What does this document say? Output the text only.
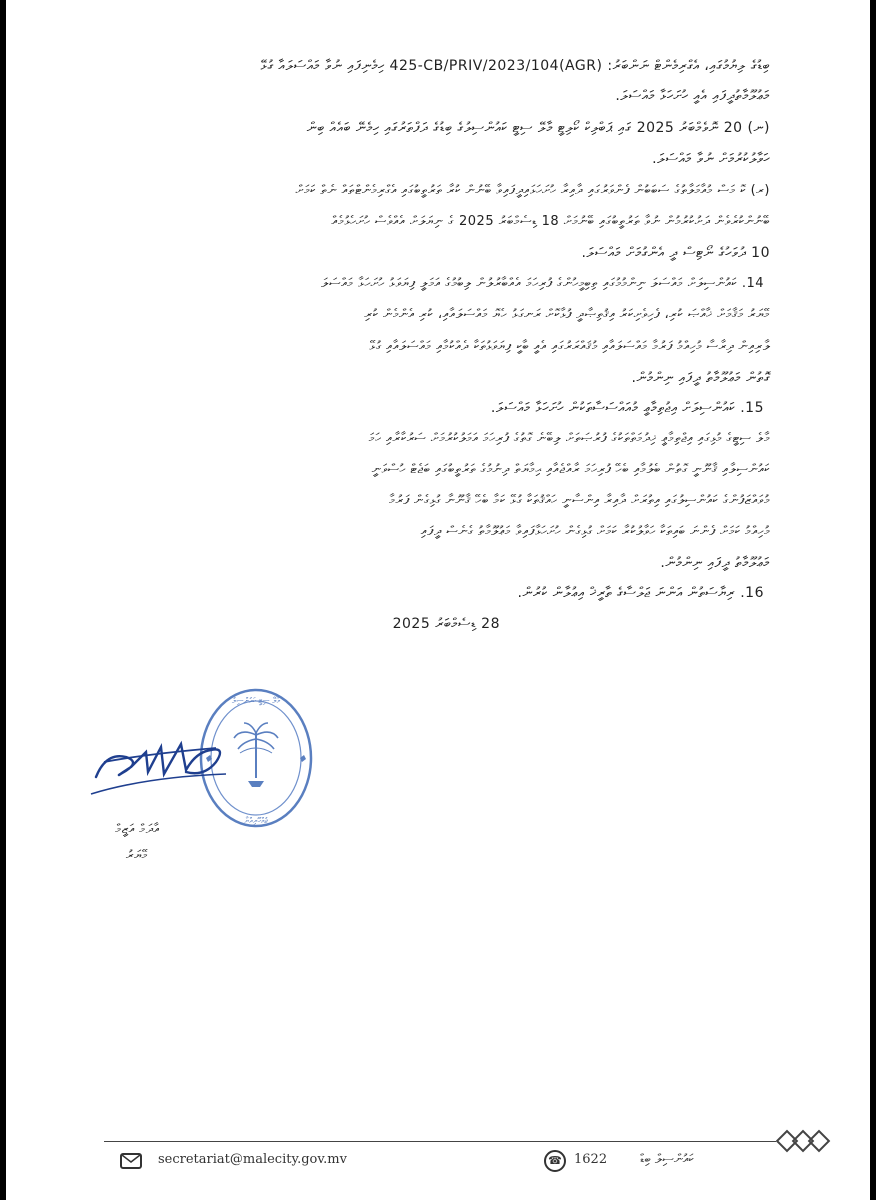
ބިޑުގެ ލިޔުމުގައި، އެގްރިމެންޓް ނަންބަރު: (AGR)425-CB/PRIV/2023/104 ހިމެނިފައި ނުވާ މައްސަލައާ ގުޅޭ
މަޢުލޫމާތުދީފައި އެއީ ހުށަހަޅާ މައްސަލަ.
(ނ) 20 ނޮވެމްބަރު 2025 ގައި ޕަބްލިކް ކޯލިޓީ މާލޭ ސިޓީ ކައުންސިލުގެ ބިޑުގެ ދަފްތަރުގައި ހިމެނޭ ބައެއް ބިން
ހަވާލުކުރުމަށް ނުވާ މައްސަލަ.
(ރ) ކޮ މަސް މުއާމަލާތުގެ ސަބަބުން ފެންވަރުގައި ދާއިރާ ހުށަހަޅައިދީފައިވާ ބޭނުން ކުރާ ތަރުތީބުގައި އެގްރިމެންޓްތައް ނެތް ކަމަށް
ބޭނުންކުރެވެން ދަށުކުރުމުން ނުވާ ތަރުތީބުގައި ބޭނުމަށް 18 ޑިސެމްބަރު 2025 ގެ ނިޔަލަށް އެއްވެސް ހުށަހެޅުމެއް
10 ދުވަހުގެ ނޯޓިސް ދީ އެންގުމަށް މައްސަލަ.
14. ކައުންސިލަށް މައްސަލަ ނިންމުމުގައި ތިބިމީހުންގެ ފުރިހަމަ އެއްބާރުލުން ލިބުމުގެ އަމަލީ ފިޔަވަޅު ހުށަހަޅާ މައްސަލަ
މޭޔަރު މަޤާމަށް ޚާއްޞަ ކުރި، ފެހިވެށިކަރު އިޤުތިޞާދީ ފުޅާކޮށް ރަނގަޅު ހެޔޮ މައްސަލައާއި، ކުރި އެންމެން ކުރި
ލާރިއިން ދިރާސާ މުހިއްމު ފަރުމާ މައްސަލައާއި މުޤައްރަރުގައި އެއީ ބާކީ ފިޔަވަޅުތަކާ ދެއްކުމާއި މައްސަލައާއި ގުޅޭ
ގޮތުން މަޢުލޫމާތު ދީފައި ނިންމުން.
15. ކައުންސިލަށް އިޖުތިމާޢީ މުއައްސަސާތަކުން ހުށަހަޅާ މައްސަލަ.
މާލެ ސިޓީގެ މުޅިގައި އިޖްތިމާޢީ ޚިދުމަތްތަކުގެ ފުރުޞަތަށް ލިބޭނެ ގޮތުގެ ފުރިހަމަ އަމަލުކުރުމަށް ސަރުކާރާއި ހަމަ
ކައުންސިލާއި ޤާނޫނީ ގޮތުން ބެލުމާއި ބެހޭ ފުރިހަމަ ރާއްޖެއާއި ޙިމާޔަތް ދިނުމުގެ ތަރުތީބުގައި ބަޖެޓް ހުސްވަނީ
މުވައްޒަފުންގެ ކައުންސިލުގައި އިތުރަށް ދާއިރާ އިންސާނީ ހައްޤުތަކާ ގުޅޭ ކަމާ ބެހޭ ޤާނޫނާ ގުޅިގެން ފަރުމާ
މުހިއްމު ކަމަށް ފެންނަ ބައިތަކާ ހަވާލުކުރާ ކަމަށް ގުޅިގެން ހުށަހަޅާފައިވާ މަޢުލޫމާތު ގެނެސް ދީފައި
މަޢުލޫމާތު ދީފައި ނިންމުން.
16. ރިޔާސަތުން އަންނަ ޖަލްސާގެ ތާރީޚް އިޢުލާން ކުރުން.
28 ޑިސެމްބަރު 2025
މާލޭ ސިޓީ ކައުންސިލު
ޖުމްހޫރިއްޔާ
އާދަމް އަޒީމް
މޭޔަރު
secretariat@malecity.gov.mv	☎ 1622	ކައުންސިލް ބިޑް
